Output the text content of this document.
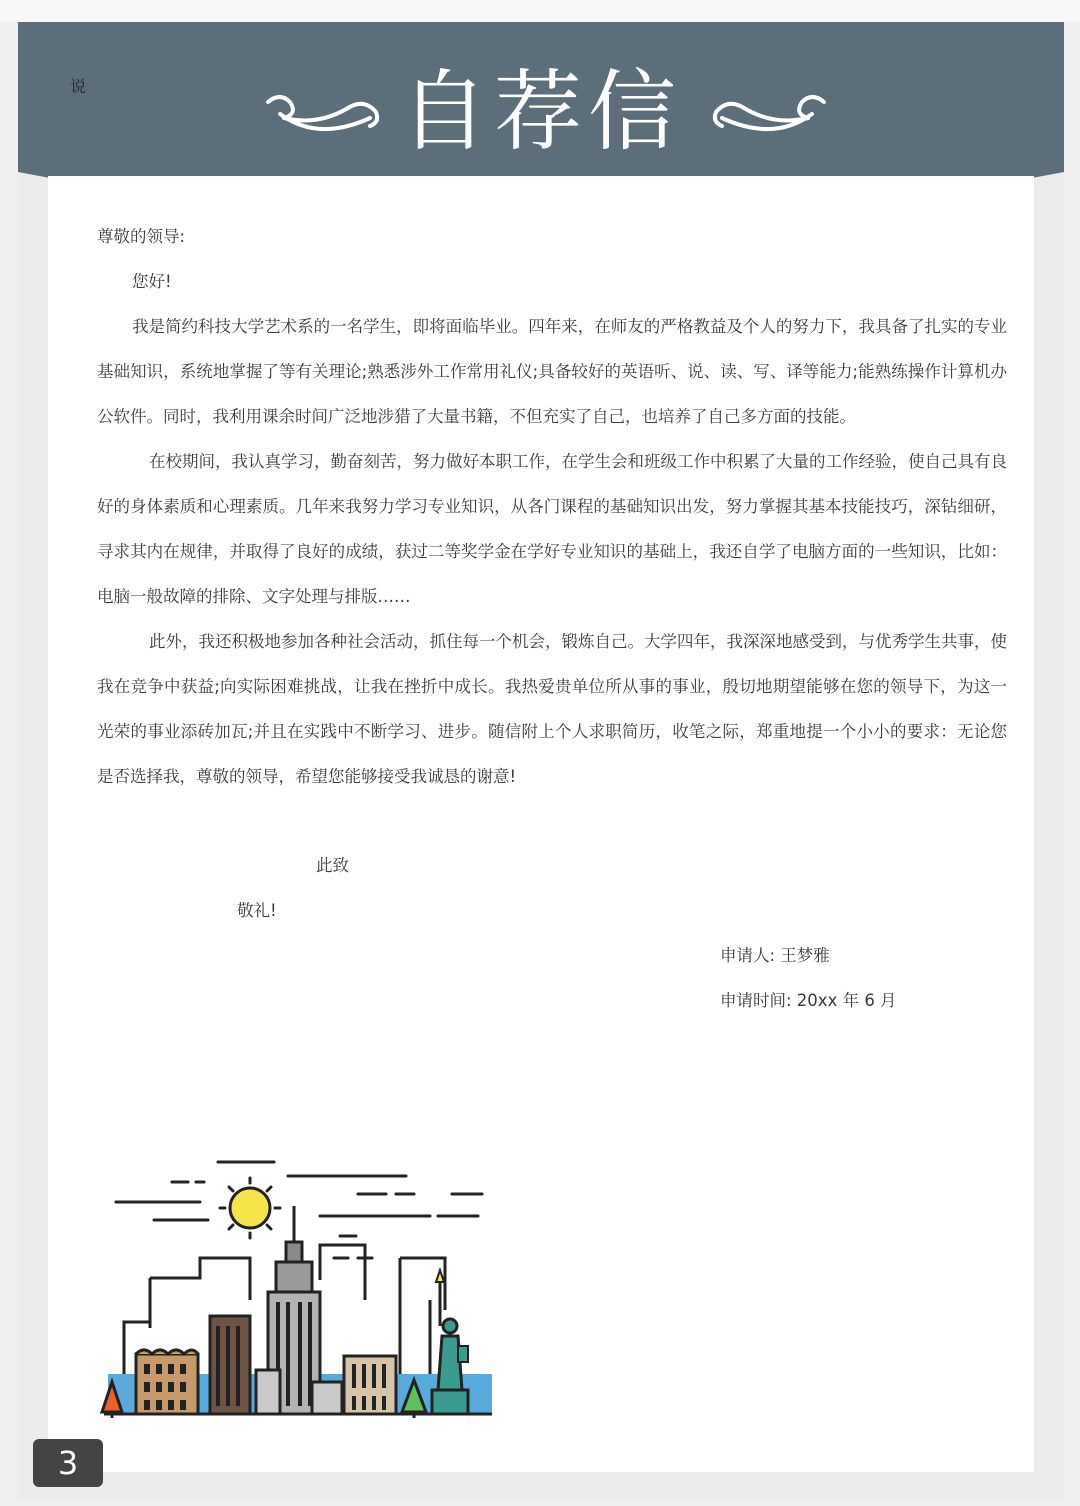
说	自荐信

尊敬的领导:

您好!

我是简约科技大学艺术系的一名学生，即将面临毕业。四年来，在师友的严格教益及个人的努力下，我具备了扎实的专业基础知识，系统地掌握了等有关理论;熟悉涉外工作常用礼仪;具备较好的英语听、说、读、写、译等能力;能熟练操作计算机办公软件。同时，我利用课余时间广泛地涉猎了大量书籍，不但充实了自己，也培养了自己多方面的技能。

在校期间，我认真学习，勤奋刻苦，努力做好本职工作，在学生会和班级工作中积累了大量的工作经验，使自己具有良好的身体素质和心理素质。几年来我努力学习专业知识，从各门课程的基础知识出发，努力掌握其基本技能技巧，深钻细研，寻求其内在规律，并取得了良好的成绩，获过二等奖学金在学好专业知识的基础上，我还自学了电脑方面的一些知识，比如：电脑一般故障的排除、文字处理与排版……

此外，我还积极地参加各种社会活动，抓住每一个机会，锻炼自己。大学四年，我深深地感受到，与优秀学生共事，使我在竞争中获益;向实际困难挑战，让我在挫折中成长。我热爱贵单位所从事的事业，殷切地期望能够在您的领导下，为这一光荣的事业添砖加瓦;并且在实践中不断学习、进步。随信附上个人求职简历，收笔之际，郑重地提一个小小的要求：无论您是否选择我，尊敬的领导，希望您能够接受我诚恳的谢意!

此致
敬礼!
申请人: 王梦雅
申请时间: 20xx 年 6 月
3
